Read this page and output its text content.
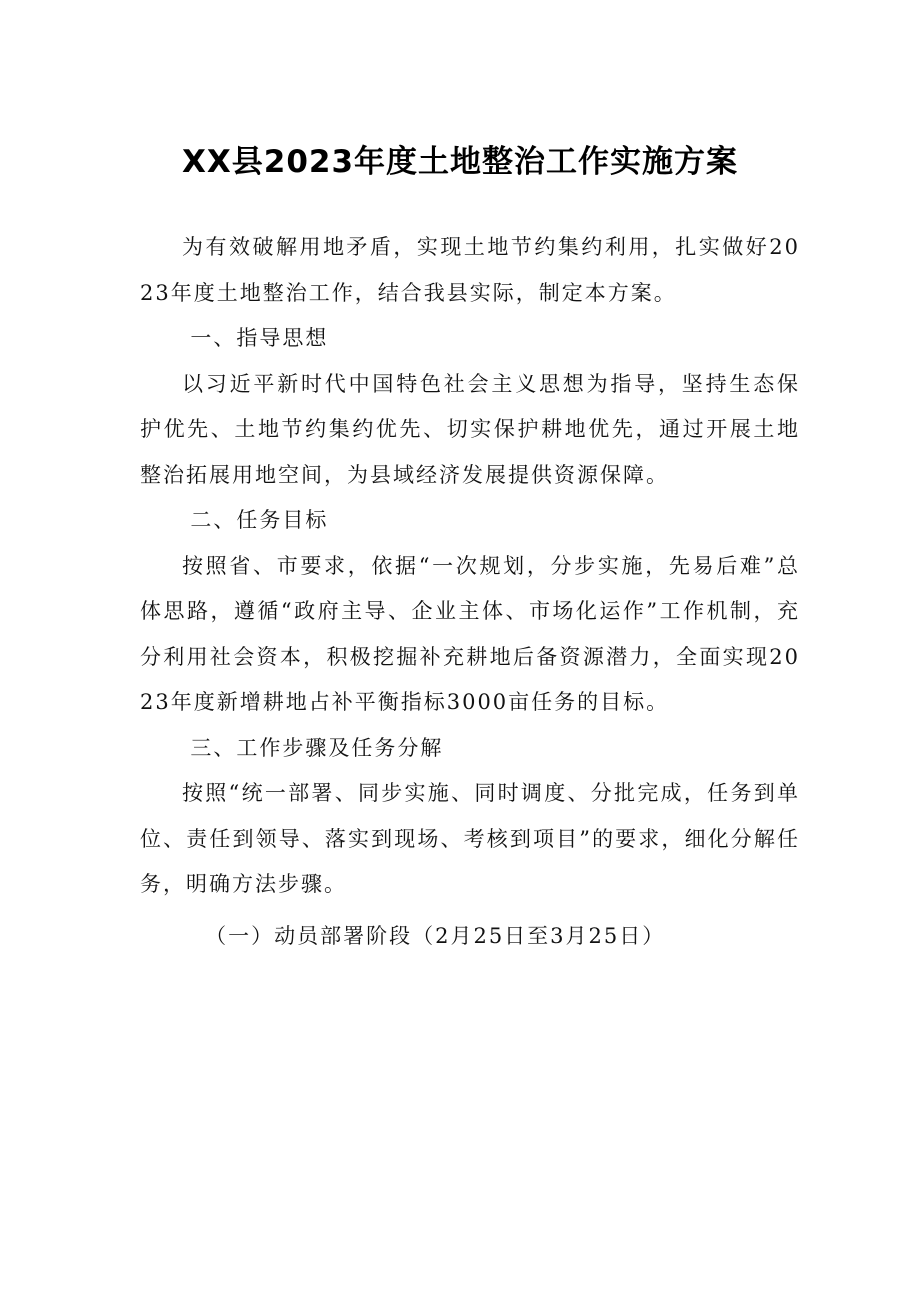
XX县2023年度土地整治工作实施方案

为有效破解用地矛盾，实现土地节约集约利用，扎实做好2023年度土地整治工作，结合我县实际，制定本方案。

一、指导思想

以习近平新时代中国特色社会主义思想为指导，坚持生态保护优先、土地节约集约优先、切实保护耕地优先，通过开展土地整治拓展用地空间，为县域经济发展提供资源保障。

二、任务目标

按照省、市要求，依据“一次规划，分步实施，先易后难”总体思路，遵循“政府主导、企业主体、市场化运作”工作机制，充分利用社会资本，积极挖掘补充耕地后备资源潜力，全面实现2023年度新增耕地占补平衡指标3000亩任务的目标。

三、工作步骤及任务分解

按照“统一部署、同步实施、同时调度、分批完成，任务到单位、责任到领导、落实到现场、考核到项目”的要求，细化分解任务，明确方法步骤。

（一）动员部署阶段（2月25日至3月25日）
